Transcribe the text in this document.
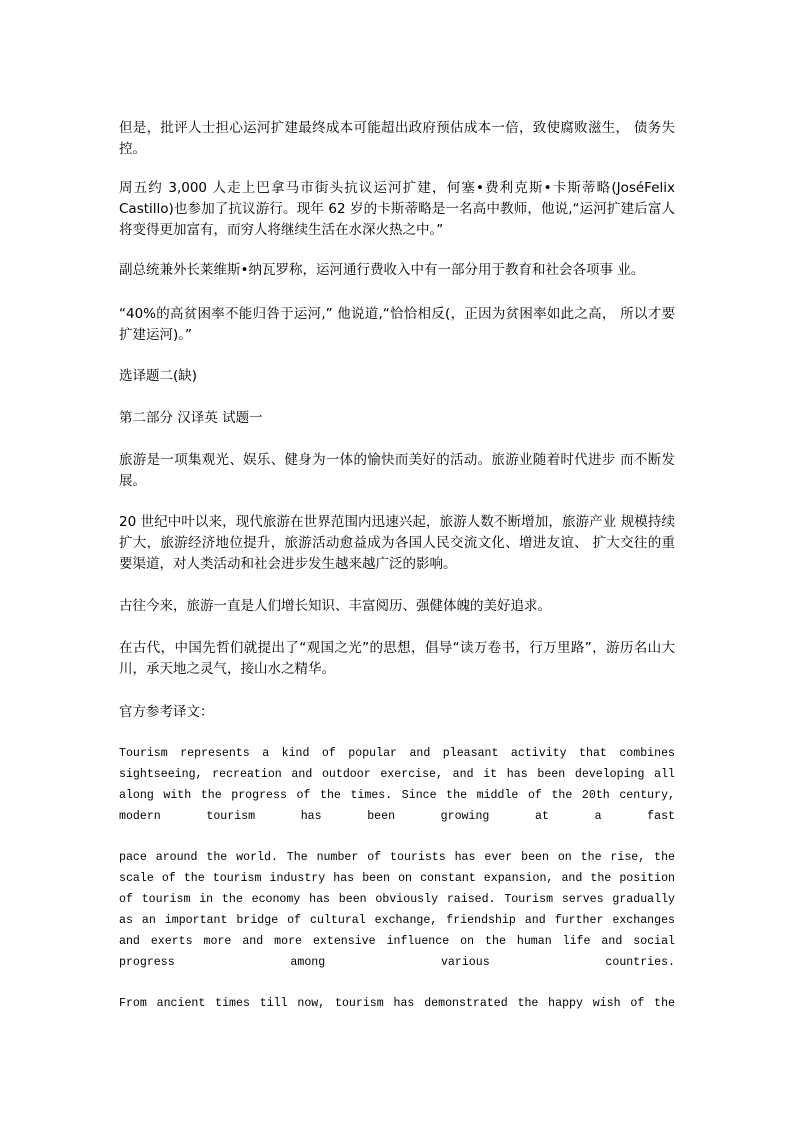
但是，批评人士担心运河扩建最终成本可能超出政府预估成本一倍，致使腐败滋生， 债务失控。

周五约 3,000 人走上巴拿马市街头抗议运河扩建，何塞•费利克斯•卡斯蒂略(JoséFelix Castillo)也参加了抗议游行。现年 62 岁的卡斯蒂略是一名高中教师，他说,“运河扩建后富人将变得更加富有，而穷人将继续生活在水深火热之中。”

副总统兼外长莱维斯•纳瓦罗称，运河通行费收入中有一部分用于教育和社会各项事 业。

“40%的高贫困率不能归咎于运河,” 他说道,“恰恰相反(，正因为贫困率如此之高， 所以才要扩建运河)。”

选译题二(缺)

第二部分 汉译英 试题一

旅游是一项集观光、娱乐、健身为一体的愉快而美好的活动。旅游业随着时代进步 而不断发展。

20 世纪中叶以来，现代旅游在世界范围内迅速兴起，旅游人数不断增加，旅游产业 规模持续扩大，旅游经济地位提升，旅游活动愈益成为各国人民交流文化、增进友谊、 扩大交往的重要渠道，对人类活动和社会进步发生越来越广泛的影响。

古往今来，旅游一直是人们增长知识、丰富阅历、强健体魄的美好追求。

在古代，中国先哲们就提出了“观国之光”的思想，倡导“读万卷书，行万里路”，游历名山大川，承天地之灵气，接山水之精华。

官方参考译文：

Tourism represents a kind of popular and pleasant activity that combines sightseeing, recreation and outdoor exercise, and it has been developing all along with the progress of the times. Since the middle of the 20th century, modern tourism has been growing at a fast

pace around the world. The number of tourists has ever been on the rise, the scale of the tourism industry has been on constant expansion, and the position of tourism in the economy has been obviously raised. Tourism serves gradually as an important bridge of cultural exchange, friendship and further exchanges and exerts more and more extensive influence on the human life and social progress among various countries.

From ancient times till now, tourism has demonstrated the happy wish of the
